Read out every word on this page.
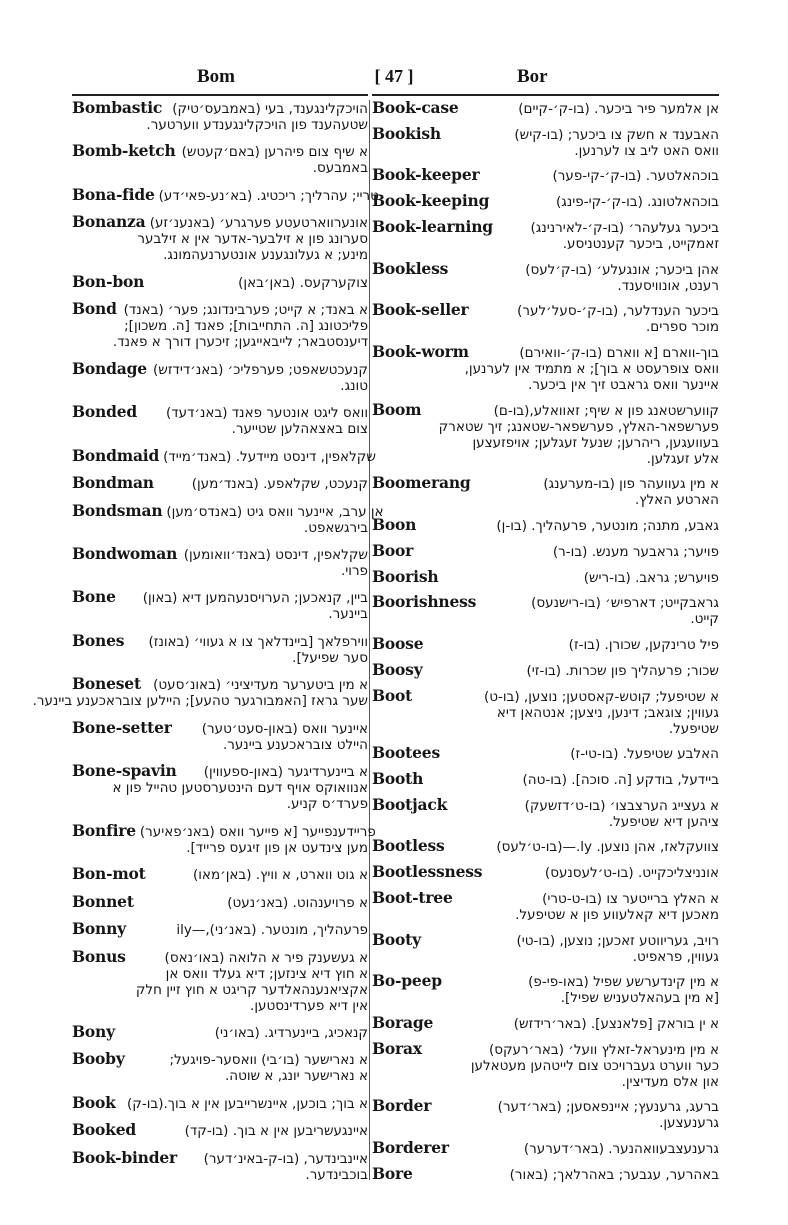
Bom	[ 47 ]	Bor
Bombastic הויכקלינגענד, בעי (באמבעס׳טיק)
שטעהענד פון הויכקלינגענדע ווערטער.
Bomb-ketch א שיף צום פיהרען (באם׳קעטש)
באמבעס.
Bona-fide טריי; עהרליך; ריכטיג. (בא׳נע-פאי׳דע)
Bonanza אונערווארטעטע פערגרע׳ (באנענ׳זע)
סערונג פון א זילבער-אדער אין א זילבער
מינע; א געלונגענע אונטערנעהמונג.
Bon-bon	צוקערקעס. (באן׳באן)
Bond א באנד; א קייט; פערבינדונג; פער׳ (באנד)
פליכטונג [ה. התחייבות]; פאנד [ה. משכון];
דיענסטבאר; לייבאייגען; זיכערן דורך א פאנד.
Bondage קנעכטשאפט; פערפליכ׳ (באנ׳דידזש)
טונג.
Bonded	וואס ליגט אונטער פאנד (באנ׳דעד)
צום באצאהלען שטייער.
Bondmaid שקלאפין, דינסט מיידעל. (באנד׳מייד)
Bondman	קנעכט, שקלאפע. (באנד׳מען)
Bondsman אן ערב, איינער וואס גיט (באנדס׳מען)
בירגשאפט.
Bondwoman שקלאפין, דינסט (באנד׳וואומען)
פרוי.
Bone	ביין, קנאכען; הערויסנעהמען דיא (באון)
ביינער.
Bones	ווירפלאך [ביינדלאך צו א געווי׳ (באונז)
סער שפיעל].
Boneset א מין ביטערער מעדיציני׳ (באונ׳סעט)
שער גראז [האמבורגער טהעע]; היילען צובראכענע ביינער.
Bone-setter	איינער וואס (באון-סעט׳טער)
היילט צובראכענע ביינער.
Bone-spavin	א ביינערדיגער (באון-ספעווין)
אנוואוקס אויף דעם הינטערסטען טהייל פון א
פערד׳ס קניע.
Bonfire פריידענפייער [א פייער וואס (באנ׳פאיער)
מען צינדעט אן פון זיגעס פרייד].
Bon-mot	א גוט ווארט, א וויץ. (באן׳מאו)
Bonnet	א פרויענהוט. (באנ׳נעט)
Bonny	פרעהליך, מונטער. (באנ׳ני),—ily
Bonus	א געשענק פיר א הלואה (באו׳נאס)
א חוץ דיא צינזען; דיא געלד וואס אן
אקציאנענהאלדער קריגט א חוץ זיין חלק
אין דיא פערדינסטען.
Bony	קנאכיג, ביינערדיג. (באו׳ני)
Booby	א נארישער (בו׳בי) וואסער-פויגעל;
א נארישער יונג, א שוטה.
Book א בוך; בוכען, איינשרייבען אין א בוך.(בו-ק)
Booked	איינגעשריבען אין א בוך. (בו-קד)
Book-binder	איינבינדער, (בו-ק-באינ׳דער)
בוכבינדער.
Book-case	אן אלמער פיר ביכער. (בו-ק׳-קיים)
Bookish	האבענד א חשק צו ביכער; (בו-קיש)
וואס האט ליב צו לערנען.
Book-keeper	בוכהאלטער. (בו-ק׳-קי-פער)
Book-keeping	בוכהאלטונג. (בו-ק׳-קי-פינג)
Book-learning	ביכער געלעהר׳ (בו-ק׳-לאירנינג)
זאמקייט, ביכער קענטניסע.
Bookless	אהן ביכער; אונגעלע׳ (בו-ק׳לעס)
רענט, אונוויסענד.
Book-seller	ביכער הענדלער, (בו-ק׳-סעל׳לער)
מוכר ספרים.
Book-worm	בוך-ווארם [א ווארם (בו-ק׳-וואירם)
וואס צופרעסט א בוך]; א מתמיד אין לערנען,
איינער וואס גראבט זיך אין ביכער.
Boom	קווערשטאנג פון א שיף; זאוואלע,(בו-ם)
פערשפאר-האלץ, פערשפאר-שטאנג; זיך שטארק
בעוועגען, ריהרען; שנעל זעגלען; אויפזעצען
אלע זעגלען.
Boomerang	א מין געוועהר פון (בו-מערענג)
הארטע האלץ.
Boon	גאבע, מתנה; מונטער, פרעהליך. (בו-ן)
Boor	פויער; גראבער מענש. (בו-ר)
Boorish	פויערש; גראב. (בו-ריש)
Boorishness	גראבקייט; דארפיש׳ (בו-רישנעס)
קייט.
Boose	פיל טרינקען, שכורן. (בו-ז)
Boosy	שכור; פרעהליך פון שכרות. (בו-זי)
Boot	א שטיפעל; קוטש-קאסטען; נוצען, (בו-ט)
געווין; צוגאב; דינען, ניצען; אנטהאן דיא
שטיפעל.
Bootees	האלבע שטיפעל. (בו-טי-ז)
Booth	ביידעל, בודקע [ה. סוכה]. (בו-טה)
Bootjack	א געצייג הערצבצו׳ (בו-ט׳דזשעק)
ציהען דיא שטיפעל.
Bootless	צוועקלאז, אהן נוצען. ly.—(בו-ט׳לעס)
Bootlessness	אונניצליכקייט. (בו-ט׳לעסנעס)
Boot-tree	א האלץ ברייטער צו (בו-ט-טרי)
מאכען דיא קאלעווע פון א שטיפעל.
Booty	רויב, געריווטע זאכען; נוצען, (בו-טי)
געווין, פראפיט.
Bo-peep	א מין קינדערשע שפיל (באו-פי-פ)
[א מין בעהאלטעניש שפיל].
Borage	א ין בוראק [פלאנצע]. (באר׳רידזש)
Borax	א מין מינעראל-זאלץ וועל׳ (באר׳רעקס)
כער ווערט געברויכט צום לייטהען מעטאלען
און אלס מעדיצין.
Border	ברעג, גרענעץ; איינפאסען; (באר׳דער)
גרענעצען.
Borderer	גרענעצבעוואהנער. (באר׳דערער)
Bore	באהרער, עגבער; באהרלאך; (באור)
